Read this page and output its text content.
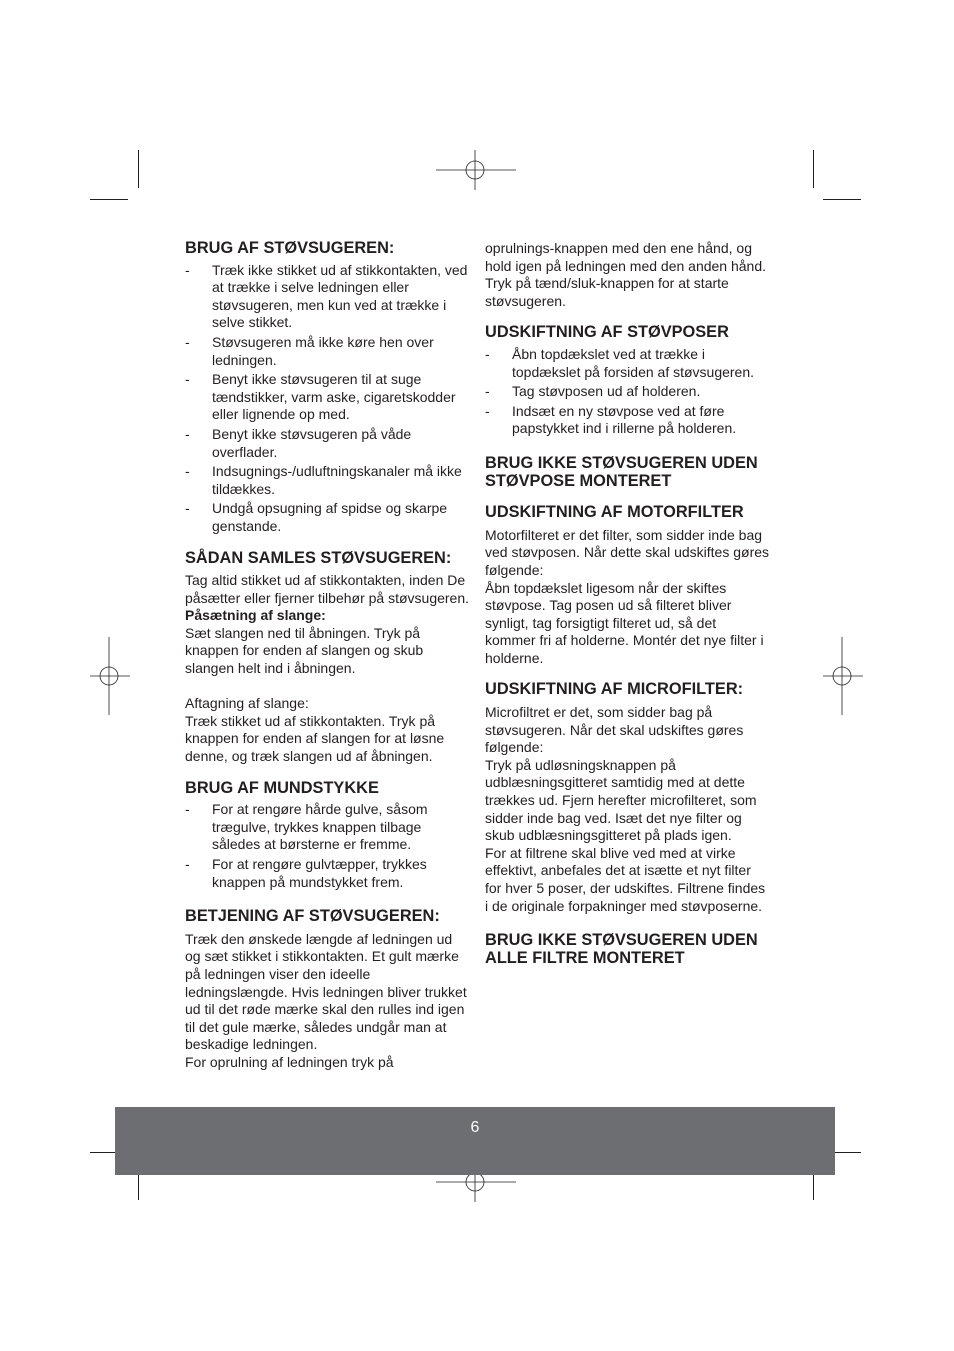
BRUG AF STØVSUGEREN:
- Træk ikke stikket ud af stikkontakten, ved at trække i selve ledningen eller støvsugeren, men kun ved at trække i selve stikket.
- Støvsugeren må ikke køre hen over ledningen.
- Benyt ikke støvsugeren til at suge tændstikker, varm aske, cigaretskodder eller lignende op med.
- Benyt ikke støvsugeren på våde overflader.
- Indsugnings-/udluftningskanaler må ikke tildækkes.
- Undgå opsugning af spidse og skarpe genstande.
SÅDAN SAMLES STØVSUGEREN:

Tag altid stikket ud af stikkontakten, inden De påsætter eller fjerner tilbehør på støvsugeren.

Påsætning af slange:

Sæt slangen ned til åbningen. Tryk på knappen for enden af slangen og skub slangen helt ind i åbningen.

Aftagning af slange:

Træk stikket ud af stikkontakten. Tryk på knappen for enden af slangen for at løsne denne, og træk slangen ud af åbningen.

BRUG AF MUNDSTYKKE
- For at rengøre hårde gulve, såsom trægulve, trykkes knappen tilbage således at børsterne er fremme.
- For at rengøre gulvtæpper, trykkes knappen på mundstykket frem.
BETJENING AF STØVSUGEREN:

Træk den ønskede længde af ledningen ud og sæt stikket i stikkontakten. Et gult mærke på ledningen viser den ideelle ledningslængde. Hvis ledningen bliver trukket ud til det røde mærke skal den rulles ind igen til det gule mærke, således undgår man at beskadige ledningen.

For oprulning af ledningen tryk på

oprulnings-knappen med den ene hånd, og hold igen på ledningen med den anden hånd.

Tryk på tænd/sluk-knappen for at starte støvsugeren.

UDSKIFTNING AF STØVPOSER
- Åbn topdækslet ved at trække i topdækslet på forsiden af støvsugeren.
- Tag støvposen ud af holderen.
- Indsæt en ny støvpose ved at føre papstykket ind i rillerne på holderen.
BRUG IKKE STØVSUGEREN UDEN STØVPOSE MONTERET
UDSKIFTNING AF MOTORFILTER

Motorfilteret er det filter, som sidder inde bag ved støvposen. Når dette skal udskiftes gøres følgende:

Åbn topdækslet ligesom når der skiftes støvpose. Tag posen ud så filteret bliver synligt, tag forsigtigt filteret ud, så det kommer fri af holderne. Montér det nye filter i holderne.

UDSKIFTNING AF MICROFILTER:

Microfiltret er det, som sidder bag på støvsugeren. Når det skal udskiftes gøres følgende:

Tryk på udløsningsknappen på udblæsningsgitteret samtidig med at dette trækkes ud. Fjern herefter microfilteret, som sidder inde bag ved. Isæt det nye filter og skub udblæsningsgitteret på plads igen.

For at filtrene skal blive ved med at virke effektivt, anbefales det at isætte et nyt filter for hver 5 poser, der udskiftes. Filtrene findes i de originale forpakninger med støvposerne.

BRUG IKKE STØVSUGEREN UDEN ALLE FILTRE MONTERET
6
